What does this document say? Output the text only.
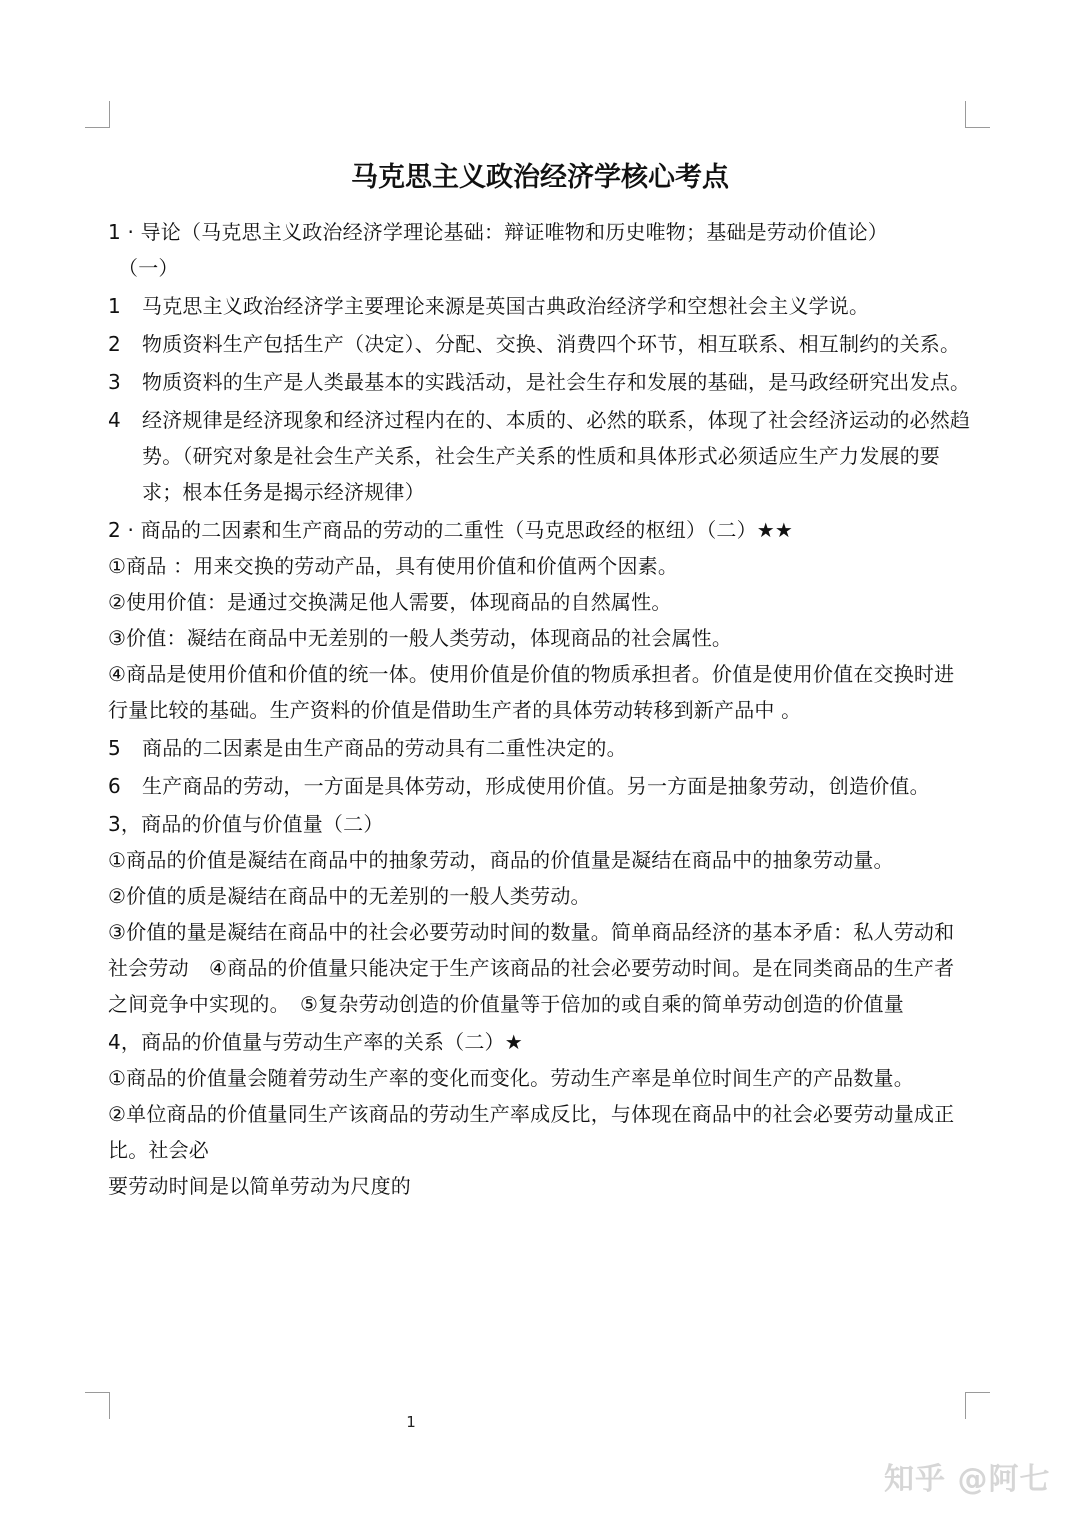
马克思主义政治经济学核心考点
1 · 导论（马克思主义政治经济学理论基础：辩证唯物和历史唯物；基础是劳动价值论）
（一）
1	马克思主义政治经济学主要理论来源是英国古典政治经济学和空想社会主义学说。
2	物质资料生产包括生产（决定）、分配、交换、消费四个环节，相互联系、相互制约的关系。
3	物质资料的生产是人类最基本的实践活动，是社会生存和发展的基础，是马政经研究出发点。
4	经济规律是经济现象和经济过程内在的、本质的、必然的联系，体现了社会经济运动的必然趋势。（研究对象是社会生产关系，社会生产关系的性质和具体形式必须适应生产力发展的要求；根本任务是揭示经济规律）
2 · 商品的二因素和生产商品的劳动的二重性（马克思政经的枢纽）（二）★★
①商品 ：用来交换的劳动产品，具有使用价值和价值两个因素。
②使用价值：是通过交换满足他人需要，体现商品的自然属性。
③价值：凝结在商品中无差别的一般人类劳动，体现商品的社会属性。
④商品是使用价值和价值的统一体。使用价值是价值的物质承担者。价值是使用价值在交换时进行量比较的基础。生产资料的价值是借助生产者的具体劳动转移到新产品中 。
5	商品的二因素是由生产商品的劳动具有二重性决定的。
6	生产商品的劳动，一方面是具体劳动，形成使用价值。另一方面是抽象劳动，创造价值。
3，商品的价值与价值量（二）
①商品的价值是凝结在商品中的抽象劳动，商品的价值量是凝结在商品中的抽象劳动量。
②价值的质是凝结在商品中的无差别的一般人类劳动。
③价值的量是凝结在商品中的社会必要劳动时间的数量。简单商品经济的基本矛盾：私人劳动和社会劳动　④商品的价值量只能决定于生产该商品的社会必要劳动时间。是在同类商品的生产者之间竞争中实现的。　⑤复杂劳动创造的价值量等于倍加的或自乘的简单劳动创造的价值量
4，商品的价值量与劳动生产率的关系（二）★
①商品的价值量会随着劳动生产率的变化而变化。劳动生产率是单位时间生产的产品数量。
②单位商品的价值量同生产该商品的劳动生产率成反比，与体现在商品中的社会必要劳动量成正比。社会必
要劳动时间是以简单劳动为尺度的
1
知乎 @阿七
